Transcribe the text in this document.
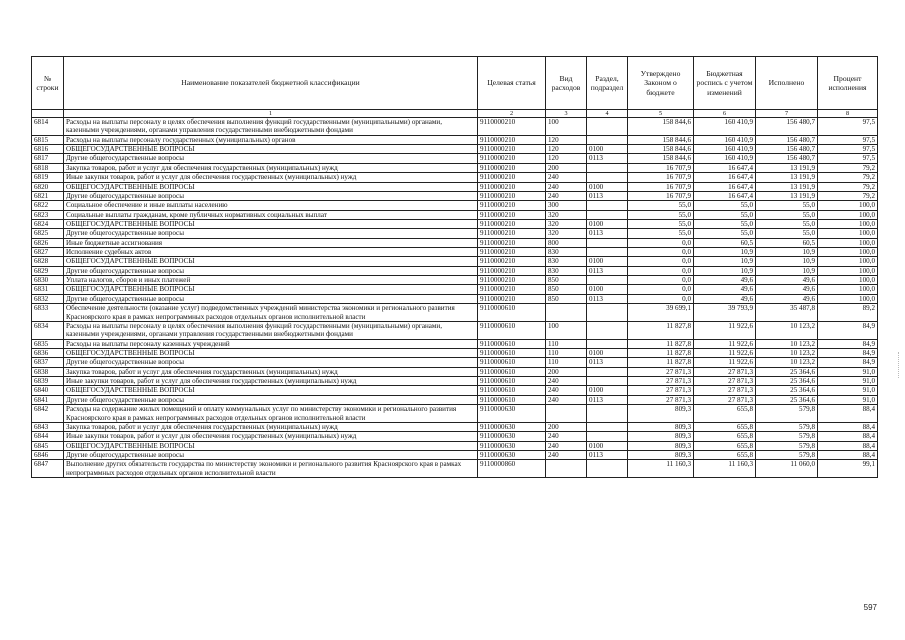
№ строки	Наименование показателей бюджетной классификации	Целевая статья	Вид расходов	Раздел, подраздел	Утверждено Законом о бюджете	Бюджетная роспись с учетом изменений	Исполнено	Процент исполнения
	1	2	3	4	5	6	7	8
6814	Расходы на выплаты персоналу в целях обеспечения выполнения функций государственными (муниципальными) органами, казенными учреждениями, органами управления государственными внебюджетными фондами	9110000210	100		158 844,6	160 410,9	156 480,7	97,5
6815	Расходы на выплаты персоналу государственных (муниципальных) органов	9110000210	120		158 844,6	160 410,9	156 480,7	97,5
6816	ОБЩЕГОСУДАРСТВЕННЫЕ ВОПРОСЫ	9110000210	120	0100	158 844,6	160 410,9	156 480,7	97,5
6817	Другие общегосударственные вопросы	9110000210	120	0113	158 844,6	160 410,9	156 480,7	97,5
6818	Закупка товаров, работ и услуг для обеспечения государственных (муниципальных) нужд	9110000210	200		16 707,9	16 647,4	13 191,9	79,2
6819	Иные закупки товаров, работ и услуг для обеспечения государственных (муниципальных) нужд	9110000210	240		16 707,9	16 647,4	13 191,9	79,2
6820	ОБЩЕГОСУДАРСТВЕННЫЕ ВОПРОСЫ	9110000210	240	0100	16 707,9	16 647,4	13 191,9	79,2
6821	Другие общегосударственные вопросы	9110000210	240	0113	16 707,9	16 647,4	13 191,9	79,2
6822	Социальное обеспечение и иные выплаты населению	9110000210	300		55,0	55,0	55,0	100,0
6823	Социальные выплаты гражданам, кроме публичных нормативных социальных выплат	9110000210	320		55,0	55,0	55,0	100,0
6824	ОБЩЕГОСУДАРСТВЕННЫЕ ВОПРОСЫ	9110000210	320	0100	55,0	55,0	55,0	100,0
6825	Другие общегосударственные вопросы	9110000210	320	0113	55,0	55,0	55,0	100,0
6826	Иные бюджетные ассигнования	9110000210	800		0,0	60,5	60,5	100,0
6827	Исполнение судебных актов	9110000210	830		0,0	10,9	10,9	100,0
6828	ОБЩЕГОСУДАРСТВЕННЫЕ ВОПРОСЫ	9110000210	830	0100	0,0	10,9	10,9	100,0
6829	Другие общегосударственные вопросы	9110000210	830	0113	0,0	10,9	10,9	100,0
6830	Уплата налогов, сборов и иных платежей	9110000210	850		0,0	49,6	49,6	100,0
6831	ОБЩЕГОСУДАРСТВЕННЫЕ ВОПРОСЫ	9110000210	850	0100	0,0	49,6	49,6	100,0
6832	Другие общегосударственные вопросы	9110000210	850	0113	0,0	49,6	49,6	100,0
6833	Обеспечение деятельности (оказание услуг) подведомственных учреждений министерства экономики и регионального развития Красноярского края в рамках непрограммных расходов отдельных органов исполнительной власти	9110000610			39 699,1	39 793,9	35 487,8	89,2
6834	Расходы на выплаты персоналу в целях обеспечения выполнения функций государственными (муниципальными) органами, казенными учреждениями, органами управления государственными внебюджетными фондами	9110000610	100		11 827,8	11 922,6	10 123,2	84,9
6835	Расходы на выплаты персоналу казенных учреждений	9110000610	110		11 827,8	11 922,6	10 123,2	84,9
6836	ОБЩЕГОСУДАРСТВЕННЫЕ ВОПРОСЫ	9110000610	110	0100	11 827,8	11 922,6	10 123,2	84,9
6837	Другие общегосударственные вопросы	9110000610	110	0113	11 827,8	11 922,6	10 123,2	84,9
6838	Закупка товаров, работ и услуг для обеспечения государственных (муниципальных) нужд	9110000610	200		27 871,3	27 871,3	25 364,6	91,0
6839	Иные закупки товаров, работ и услуг для обеспечения государственных (муниципальных) нужд	9110000610	240		27 871,3	27 871,3	25 364,6	91,0
6840	ОБЩЕГОСУДАРСТВЕННЫЕ ВОПРОСЫ	9110000610	240	0100	27 871,3	27 871,3	25 364,6	91,0
6841	Другие общегосударственные вопросы	9110000610	240	0113	27 871,3	27 871,3	25 364,6	91,0
6842	Расходы на содержание жилых помещений и оплату коммунальных услуг по министерству экономики и регионального развития Красноярского края в рамках непрограммных расходов отдельных органов исполнительной власти	9110000630			809,3	655,8	579,8	88,4
6843	Закупка товаров, работ и услуг для обеспечения государственных (муниципальных) нужд	9110000630	200		809,3	655,8	579,8	88,4
6844	Иные закупки товаров, работ и услуг для обеспечения государственных (муниципальных) нужд	9110000630	240		809,3	655,8	579,8	88,4
6845	ОБЩЕГОСУДАРСТВЕННЫЕ ВОПРОСЫ	9110000630	240	0100	809,3	655,8	579,8	88,4
6846	Другие общегосударственные вопросы	9110000630	240	0113	809,3	655,8	579,8	88,4
6847	Выполнение других обязательств государства по министерству экономики и регионального развития Красноярского края в рамках непрограммных расходов отдельных органов исполнительной власти	9110000860			11 160,3	11 160,3	11 060,0	99,1
597
